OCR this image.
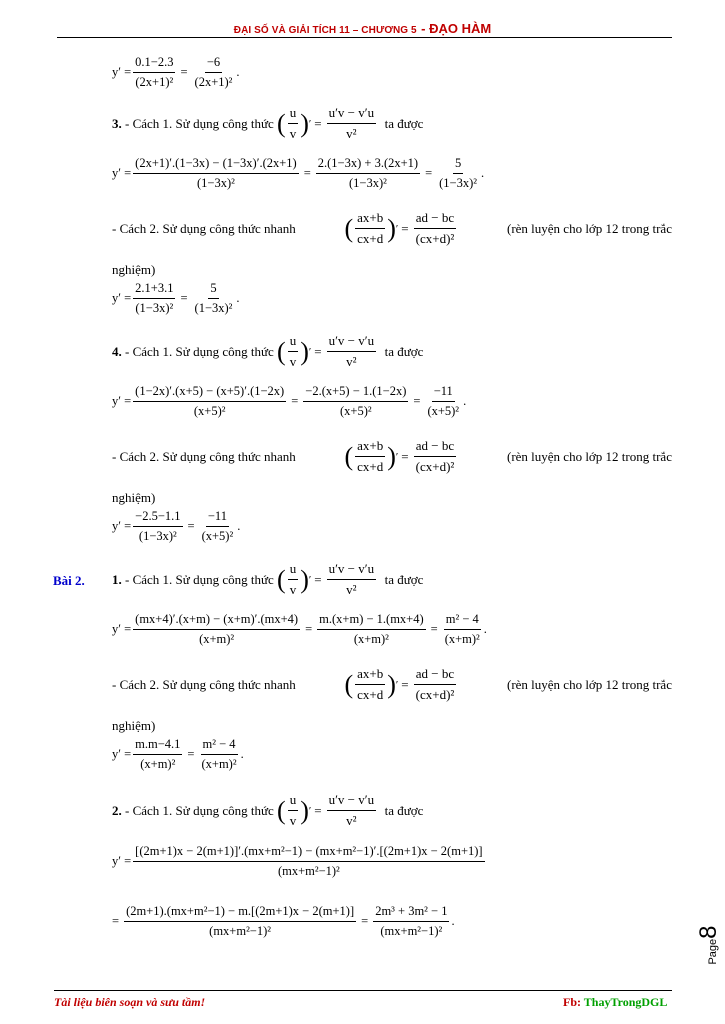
ĐẠI SỐ VÀ GIẢI TÍCH 11 – CHƯƠNG 5 - ĐẠO HÀM
$y' = \frac{0.1-2.3}{\text{(2x+1)²}} = \frac{-6}{\text{(2x+1)²}}$ .
3.
- Cách 1. Sử dụng công thức
( $\frac{u}{v}$ ) ′ = $\frac{u'v - v'u}{\text{v²}}$
ta được
$y' = \frac{(2x+1)'.(1-3x) - (1-3x)'.(2x+1)}{\text{(1−3x)²}} = \frac{2.(1-3x) + 3.(2x+1)}{\text{(1−3x)²}} = \frac{5}{\text{(1−3x)²}}$ .
- Cách 2. Sử dụng công thức nhanh ( $\frac{ax+b}{cx+d}$ ) ′ = $\frac{ad - bc}{\text{(cx+d)²}}$	(rèn luyện cho lớp 12 trong trắc
nghiệm)
$y' = \frac{2.1+3.1}{\text{(1−3x)²}} = \frac{5}{\text{(1−3x)²}}$ .
4.
- Cách 1. Sử dụng công thức
( $\frac{u}{v}$ ) ′ = $\frac{u'v - v'u}{\text{v²}}$
ta được
$y' = \frac{(1-2x)'.(x+5) - (x+5)'.(1-2x)}{\text{(x+5)²}} = \frac{-2.(x+5) - 1.(1-2x)}{\text{(x+5)²}} = \frac{-11}{\text{(x+5)²}}$ .
- Cách 2. Sử dụng công thức nhanh ( $\frac{ax+b}{cx+d}$ ) ′ = $\frac{ad - bc}{\text{(cx+d)²}}$	(rèn luyện cho lớp 12 trong trắc
nghiệm)
$y' = \frac{-2.5-1.1}{\text{(1−3x)²}} = \frac{-11}{\text{(x+5)²}}$ .
Bài 2. 1.
- Cách 1. Sử dụng công thức
( $\frac{u}{v}$ ) ′ = $\frac{u'v - v'u}{\text{v²}}$
ta được
$y' = \frac{(mx+4)'.(x+m) - (x+m)'.(mx+4)}{\text{(x+m)²}} = \frac{m.(x+m) - 1.(mx+4)}{\text{(x+m)²}} = \frac{\text{m² − 4}}{\text{(x+m)²}}$ .
- Cách 2. Sử dụng công thức nhanh ( $\frac{ax+b}{cx+d}$ ) ′ = $\frac{ad - bc}{\text{(cx+d)²}}$	(rèn luyện cho lớp 12 trong trắc
nghiệm)
$y' = \frac{m.m-4.1}{\text{(x+m)²}} = \frac{\text{m² − 4}}{\text{(x+m)²}}$ .
2.
- Cách 1. Sử dụng công thức
( $\frac{u}{v}$ ) ′ = $\frac{u'v - v'u}{\text{v²}}$
ta được
y′ =
[(2m+1)x − 2(m+1)]′.(mx+m²−1) − (mx+m²−1)′.[(2m+1)x − 2(m+1)]
(mx+m²−1)²
= $\frac{\text{(2m+1).(mx+m²−1) − m.[(2m+1)x − 2(m+1)]}}{\text{(mx+m²−1)²}} = \frac{\text{2m³ + 3m² − 1}}{\text{(mx+m²−1)²}}$ .
Page8
Tài liệu biên soạn và sưu tầm!	Fb: ThayTrongDGL
